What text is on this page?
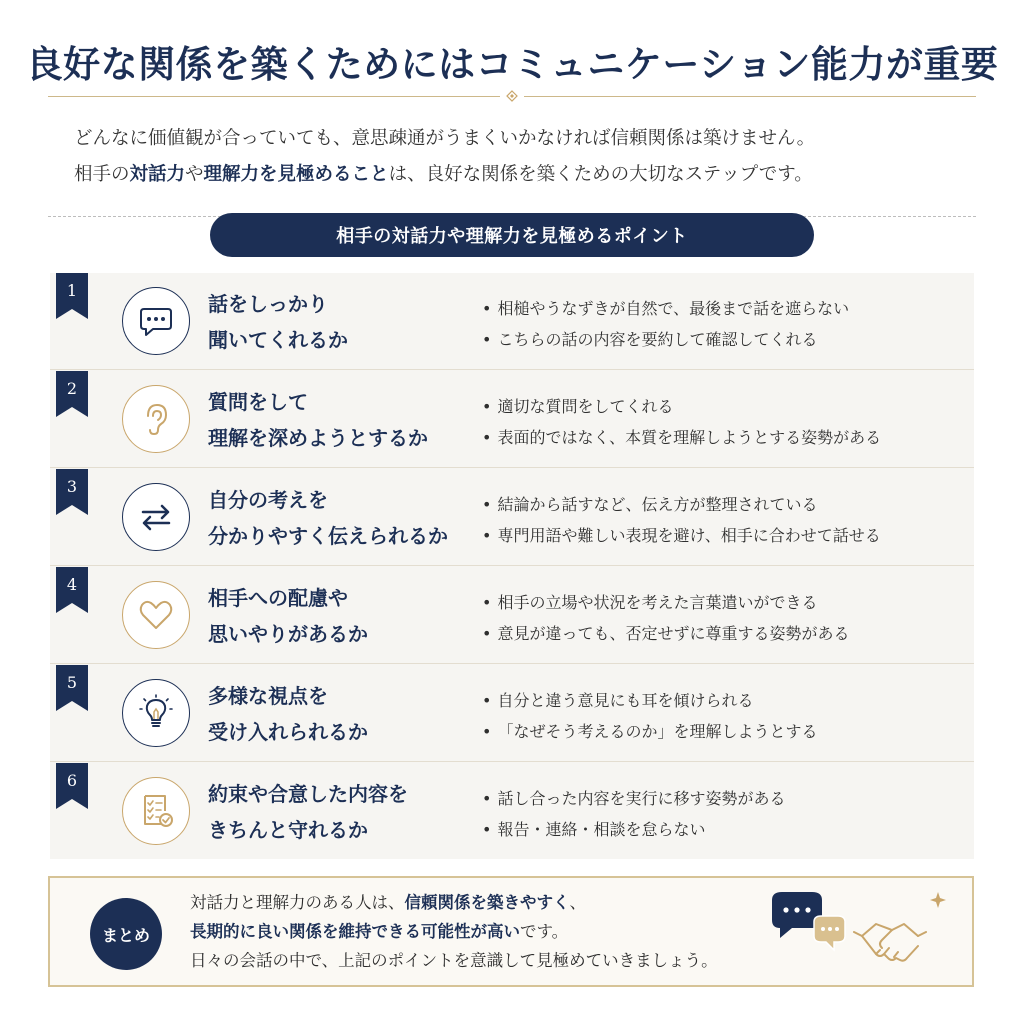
良好な関係を築くためにはコミュニケーション能力が重要
どんなに価値観が合っていても、意思疎通がうまくいかなければ信頼関係は築けません。
相手の対話力や理解力を見極めることは、良好な関係を築くための大切なステップです。
相手の対話力や理解力を見極めるポイント
1
話をしっかり
聞いてくれるか
• 相槌やうなずきが自然で、最後まで話を遮らない
• こちらの話の内容を要約して確認してくれる
2
質問をして
理解を深めようとするか
• 適切な質問をしてくれる
• 表面的ではなく、本質を理解しようとする姿勢がある
3
自分の考えを
分かりやすく伝えられるか
• 結論から話すなど、伝え方が整理されている
• 専門用語や難しい表現を避け、相手に合わせて話せる
4
相手への配慮や
思いやりがあるか
• 相手の立場や状況を考えた言葉遣いができる
• 意見が違っても、否定せずに尊重する姿勢がある
5
多様な視点を
受け入れられるか
• 自分と違う意見にも耳を傾けられる
• 「なぜそう考えるのか」を理解しようとする
6
約束や合意した内容を
きちんと守れるか
• 話し合った内容を実行に移す姿勢がある
• 報告・連絡・相談を怠らない
まとめ
対話力と理解力のある人は、信頼関係を築きやすく、
長期的に良い関係を維持できる可能性が高いです。
日々の会話の中で、上記のポイントを意識して見極めていきましょう。
